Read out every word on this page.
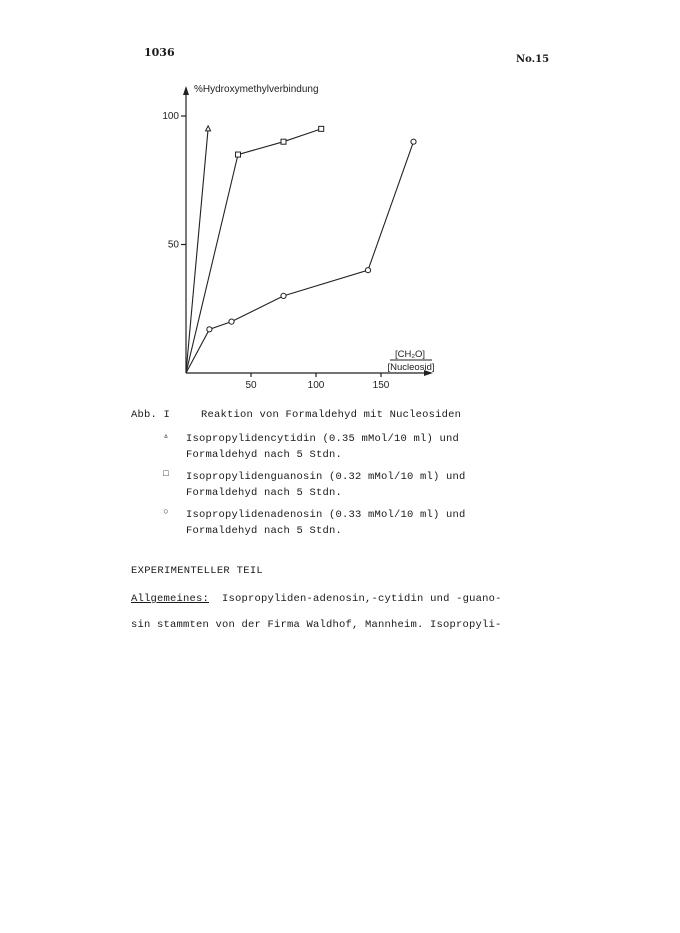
1036
No.15
50
100
50	100	150
%Hydroxymethylverbindung
[CH₂O]
[Nucleosid]
Abb. I	Reaktion von Formaldehyd mit Nucleosiden
▵ Isopropylidencytidin (0.35 mMol/10 ml) und
Formaldehyd nach 5 Stdn.
□ Isopropylidenguanosin (0.32 mMol/10 ml) und
Formaldehyd nach 5 Stdn.
○ Isopropylidenadenosin (0.33 mMol/10 ml) und
Formaldehyd nach 5 Stdn.
EXPERIMENTELLER TEIL
Allgemeines: Isopropyliden-adenosin,-cytidin und -guano-
sin stammten von der Firma Waldhof, Mannheim. Isopropyli-
